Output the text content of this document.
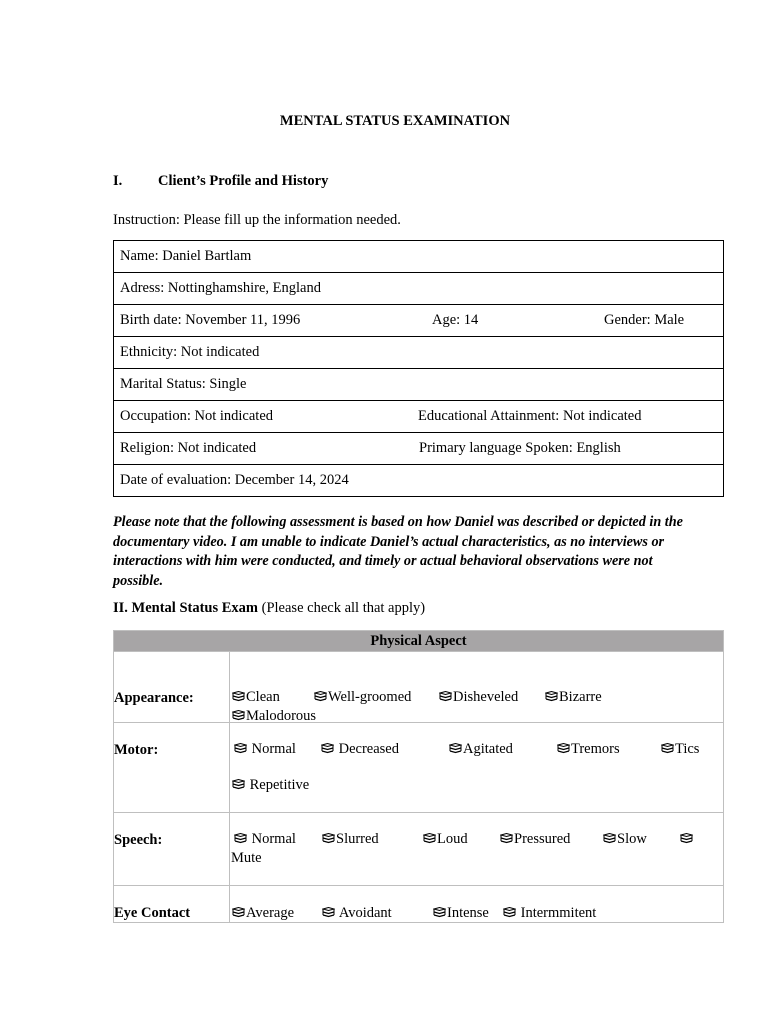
MENTAL STATUS EXAMINATION
I. Client’s Profile and History
Instruction: Please fill up the information needed.
Name: Daniel Bartlam
Adress: Nottinghamshire, England

Birth date: November 11, 1996	Age: 14	Gender: Male

Ethnicity: Not indicated
Marital Status: Single

Occupation: Not indicated	Educational Attainment: Not indicated

Religion: Not indicated	Primary language Spoken: English

Date of evaluation: December 14, 2024
Please note that the following assessment is based on how Daniel was described or depicted in the documentary video. I am unable to indicate Daniel’s actual characteristics, as no interviews or interactions with him were conducted, and timely or actual behavioral observations were not possible.
II. Mental Status Exam (Please check all that apply)
Physical Aspect
Appearance:	Clean	Well-groomed	Disheveled	Bizarre
Malodorous
Motor:	Normal	Decreased	Agitated	Tremors	Tics
Repetitive
Speech:	Normal	Slurred	Loud	Pressured	Slow
Mute
Eye Contact	Average	Avoidant	Intense	Intermmitent
